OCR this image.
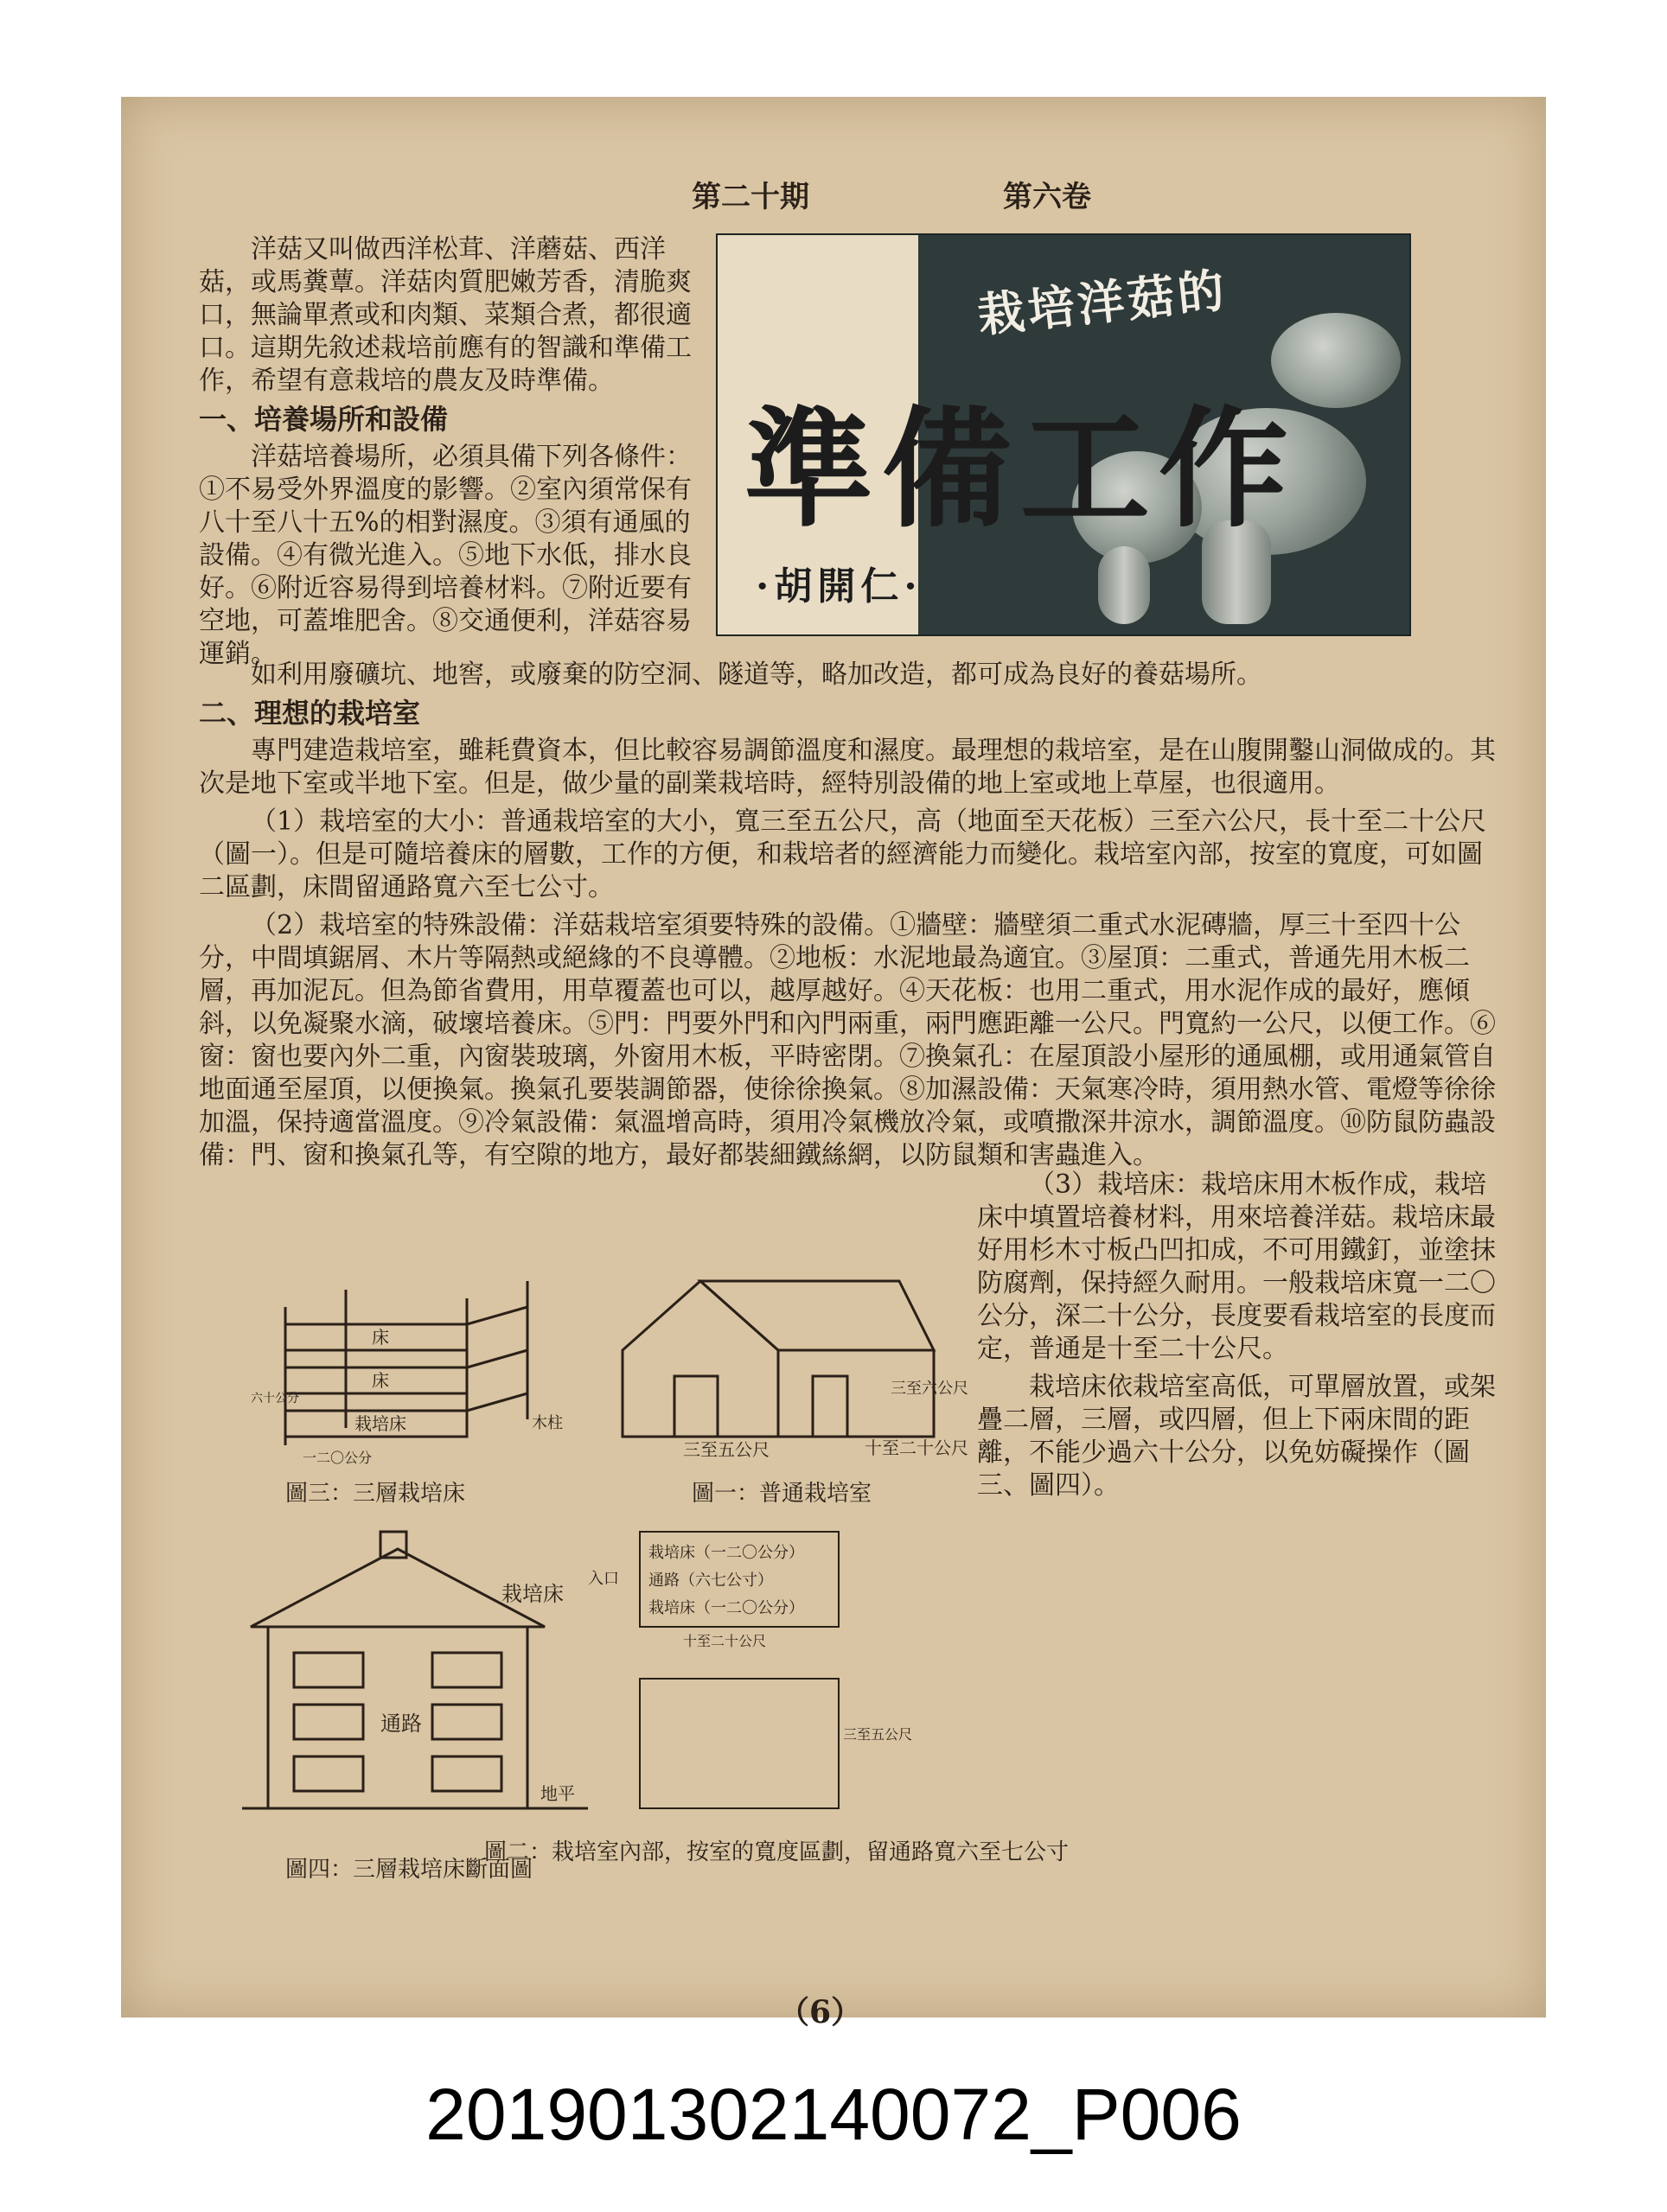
第二十期	第六卷
栽培洋菇的
準備工作
·胡開仁·

洋菇又叫做西洋松茸、洋蘑菇、西洋菇，或馬糞蕈。洋菇肉質肥嫩芳香，清脆爽口，無論單煮或和肉類、菜類合煮，都很適口。這期先敘述栽培前應有的智識和準備工作，希望有意栽培的農友及時準備。

一、培養場所和設備

洋菇培養場所，必須具備下列各條件：①不易受外界溫度的影響。②室內須常保有八十至八十五%的相對濕度。③須有通風的設備。④有微光進入。⑤地下水低，排水良好。⑥附近容易得到培養材料。⑦附近要有空地，可蓋堆肥舍。⑧交通便利，洋菇容易運銷。

如利用廢礦坑、地窖，或廢棄的防空洞、隧道等，略加改造，都可成為良好的養菇場所。

二、理想的栽培室

專門建造栽培室，雖耗費資本，但比較容易調節溫度和濕度。最理想的栽培室，是在山腹開鑿山洞做成的。其次是地下室或半地下室。但是，做少量的副業栽培時，經特別設備的地上室或地上草屋，也很適用。

（1）栽培室的大小：普通栽培室的大小，寬三至五公尺，高（地面至天花板）三至六公尺，長十至二十公尺（圖一）。但是可隨培養床的層數，工作的方便，和栽培者的經濟能力而變化。栽培室內部，按室的寬度，可如圖二區劃，床間留通路寬六至七公寸。

（2）栽培室的特殊設備：洋菇栽培室須要特殊的設備。①牆壁：牆壁須二重式水泥磚牆，厚三十至四十公分，中間填鋸屑、木片等隔熱或絕緣的不良導體。②地板：水泥地最為適宜。③屋頂：二重式，普通先用木板二層，再加泥瓦。但為節省費用，用草覆蓋也可以，越厚越好。④天花板：也用二重式，用水泥作成的最好，應傾斜，以免凝聚水滴，破壞培養床。⑤門：門要外門和內門兩重，兩門應距離一公尺。門寬約一公尺，以便工作。⑥窗：窗也要內外二重，內窗裝玻璃，外窗用木板，平時密閉。⑦換氣孔：在屋頂設小屋形的通風棚，或用通氣管自地面通至屋頂，以便換氣。換氣孔要裝調節器，使徐徐換氣。⑧加濕設備：天氣寒冷時，須用熱水管、電燈等徐徐加溫，保持適當溫度。⑨冷氣設備：氣溫增高時，須用冷氣機放冷氣，或噴撒深井涼水，調節溫度。⑩防鼠防蟲設備：門、窗和換氣孔等，有空隙的地方，最好都裝細鐵絲網，以防鼠類和害蟲進入。

（3）栽培床：栽培床用木板作成，栽培床中填置培養材料，用來培養洋菇。栽培床最好用杉木寸板凸凹扣成，不可用鐵釘，並塗抹防腐劑，保持經久耐用。一般栽培床寬一二〇公分，深二十公分，長度要看栽培室的長度而定，普通是十至二十公尺。

栽培床依栽培室高低，可單層放置，或架疊二層，三層，或四層，但上下兩床間的距離，不能少過六十公分，以免妨礙操作（圖三、圖四）。

十至二十公尺
三至五公尺
三至六公尺
圖一：普通栽培室
床
床
栽培床	木柱
六十公分
一二〇公分
圖三：三層栽培床
栽培床（一二〇公分）
通路（六七公寸）
栽培床（一二〇公分）
入口
十至二十公尺
三至五公尺
圖二：栽培室內部，按室的寬度區劃，留通路寬六至七公寸
栽培床
通路
地平
圖四：三層栽培床斷面圖
（6）
201901302140072_P006
